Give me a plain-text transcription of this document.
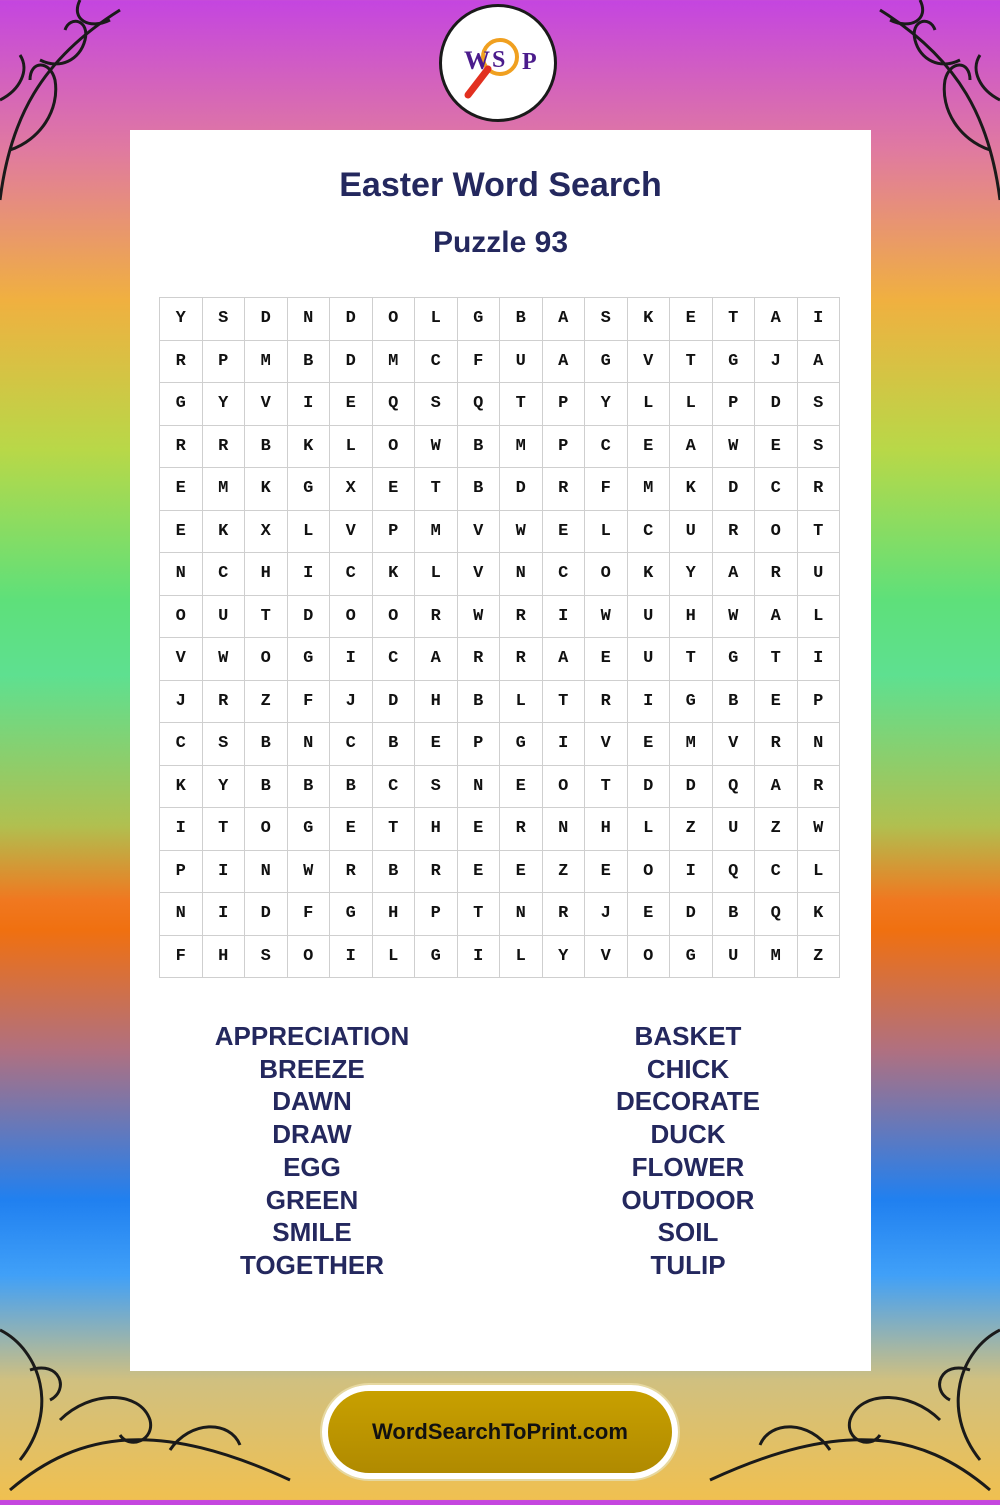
W S P
Easter Word Search
Puzzle 93
Y	S	D	N	D	O	L	G	B	A	S	K	E	T	A	I
R	P	M	B	D	M	C	F	U	A	G	V	T	G	J	A
G	Y	V	I	E	Q	S	Q	T	P	Y	L	L	P	D	S
R	R	B	K	L	O	W	B	M	P	C	E	A	W	E	S
E	M	K	G	X	E	T	B	D	R	F	M	K	D	C	R
E	K	X	L	V	P	M	V	W	E	L	C	U	R	O	T
N	C	H	I	C	K	L	V	N	C	O	K	Y	A	R	U
O	U	T	D	O	O	R	W	R	I	W	U	H	W	A	L
V	W	O	G	I	C	A	R	R	A	E	U	T	G	T	I
J	R	Z	F	J	D	H	B	L	T	R	I	G	B	E	P
C	S	B	N	C	B	E	P	G	I	V	E	M	V	R	N
K	Y	B	B	B	C	S	N	E	O	T	D	D	Q	A	R
I	T	O	G	E	T	H	E	R	N	H	L	Z	U	Z	W
P	I	N	W	R	B	R	E	E	Z	E	O	I	Q	C	L
N	I	D	F	G	H	P	T	N	R	J	E	D	B	Q	K
F	H	S	O	I	L	G	I	L	Y	V	O	G	U	M	Z
APPRECIATION
BREEZE
DAWN
DRAW
EGG
GREEN
SMILE
TOGETHER
BASKET
CHICK
DECORATE
DUCK
FLOWER
OUTDOOR
SOIL
TULIP
WordSearchToPrint.com
